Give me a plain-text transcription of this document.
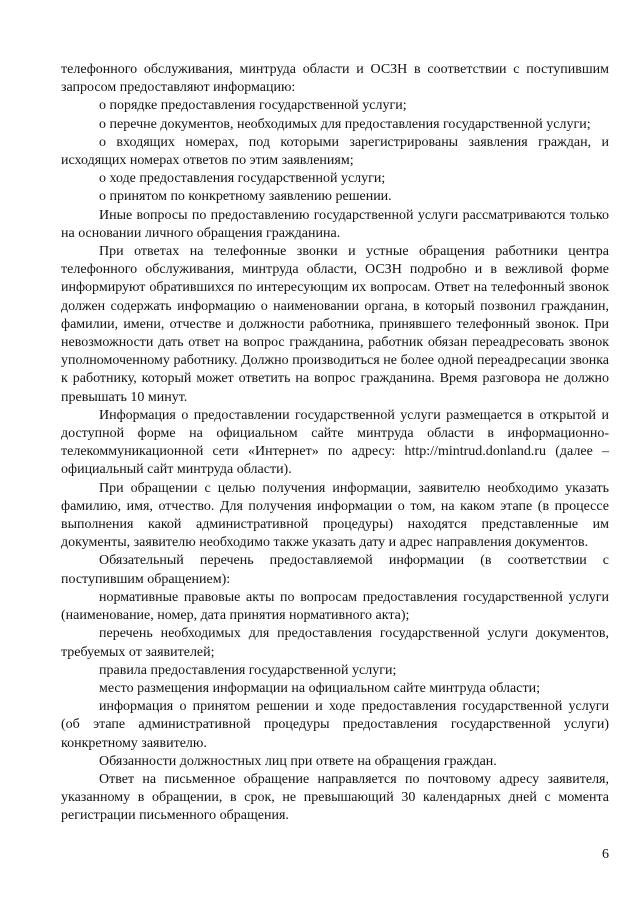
телефонного обслуживания, минтруда области и ОСЗН в соответствии с поступившим запросом предоставляют информацию:

о порядке предоставления государственной услуги;

о перечне документов, необходимых для предоставления государственной услуги;

о входящих номерах, под которыми зарегистрированы заявления граждан, и исходящих номерах ответов по этим заявлениям;

о ходе предоставления государственной услуги;

о принятом по конкретному заявлению решении.

Иные вопросы по предоставлению государственной услуги рассматриваются только на основании личного обращения гражданина.

При ответах на телефонные звонки и устные обращения работники центра телефонного обслуживания, минтруда области, ОСЗН подробно и в вежливой форме информируют обратившихся по интересующим их вопросам. Ответ на телефонный звонок должен содержать информацию о наименовании органа, в который позвонил гражданин, фамилии, имени, отчестве и должности работника, принявшего телефонный звонок. При невозможности дать ответ на вопрос гражданина, работник обязан переадресовать звонок уполномоченному работнику. Должно производиться не более одной переадресации звонка к работнику, который может ответить на вопрос гражданина. Время разговора не должно превышать 10 минут.

Информация о предоставлении государственной услуги размещается в открытой и доступной форме на официальном сайте минтруда области в информационно-телекоммуникационной сети «Интернет» по адресу: http://mintrud.donland.ru (далее – официальный сайт минтруда области).

При обращении с целью получения информации, заявителю необходимо указать фамилию, имя, отчество. Для получения информации о том, на каком этапе (в процессе выполнения какой административной процедуры) находятся представленные им документы, заявителю необходимо также указать дату и адрес направления документов.

Обязательный перечень предоставляемой информации (в соответствии с поступившим обращением):

нормативные правовые акты по вопросам предоставления государственной услуги (наименование, номер, дата принятия нормативного акта);

перечень необходимых для предоставления государственной услуги документов, требуемых от заявителей;

правила предоставления государственной услуги;

место размещения информации на официальном сайте минтруда области;

информация о принятом решении и ходе предоставления государственной услуги (об этапе административной процедуры предоставления государственной услуги) конкретному заявителю.

Обязанности должностных лиц при ответе на обращения граждан.

Ответ на письменное обращение направляется по почтовому адресу заявителя, указанному в обращении, в срок, не превышающий 30 календарных дней с момента регистрации письменного обращения.

6
